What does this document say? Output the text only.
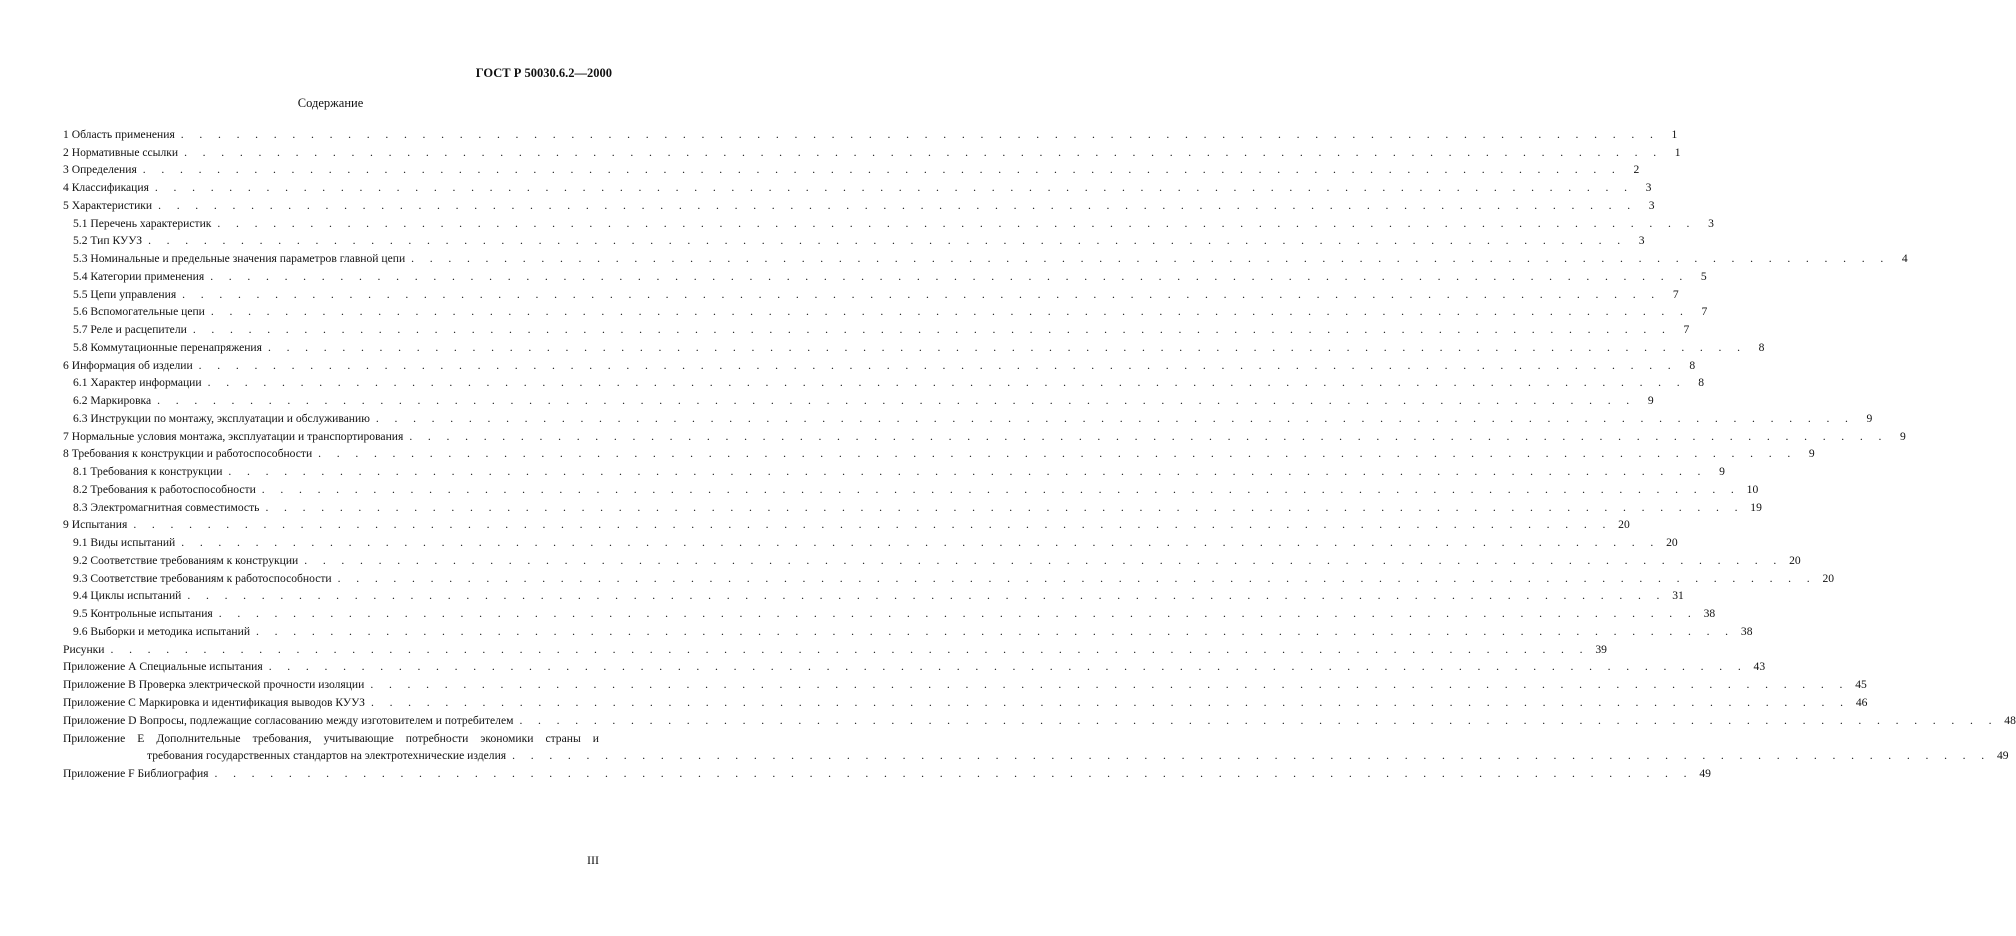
ГОСТ Р 50030.6.2—2000
Содержание
1 Область применения . . . . . . . . . . . . . . . . . . . . . . . . . . . . . . . . . . . . . . . . . . . . . . . . . . . . . . . . . . . . . . . . . . . . . . . . . . . . . . . .	1
2 Нормативные ссылки . . . . . . . . . . . . . . . . . . . . . . . . . . . . . . . . . . . . . . . . . . . . . . . . . . . . . . . . . . . . . . . . . . . . . . . . . . . . . . . .	1
3 Определения . . . . . . . . . . . . . . . . . . . . . . . . . . . . . . . . . . . . . . . . . . . . . . . . . . . . . . . . . . . . . . . . . . . . . . . . . . . . . . . .	2
4 Классификация . . . . . . . . . . . . . . . . . . . . . . . . . . . . . . . . . . . . . . . . . . . . . . . . . . . . . . . . . . . . . . . . . . . . . . . . . . . . . . . .	3
5 Характеристики . . . . . . . . . . . . . . . . . . . . . . . . . . . . . . . . . . . . . . . . . . . . . . . . . . . . . . . . . . . . . . . . . . . . . . . . . . . . . . . .	3
5.1 Перечень характеристик . . . . . . . . . . . . . . . . . . . . . . . . . . . . . . . . . . . . . . . . . . . . . . . . . . . . . . . . . . . . . . . . . . . . . . . . . . . . . . . .	3
5.2 Тип КУУЗ . . . . . . . . . . . . . . . . . . . . . . . . . . . . . . . . . . . . . . . . . . . . . . . . . . . . . . . . . . . . . . . . . . . . . . . . . . . . . . . .	3
5.3 Номинальные и предельные значения параметров главной цепи . . . . . . . . . . . . . . . . . . . . . . . . . . . . . . . . . . . . . . . . . . . . . . . . . . . . . . . . . . . . . . . . . . . . . . . . . . . . . . . .	4
5.4 Категории применения . . . . . . . . . . . . . . . . . . . . . . . . . . . . . . . . . . . . . . . . . . . . . . . . . . . . . . . . . . . . . . . . . . . . . . . . . . . . . . . .	5
5.5 Цепи управления . . . . . . . . . . . . . . . . . . . . . . . . . . . . . . . . . . . . . . . . . . . . . . . . . . . . . . . . . . . . . . . . . . . . . . . . . . . . . . . .	7
5.6 Вспомогательные цепи . . . . . . . . . . . . . . . . . . . . . . . . . . . . . . . . . . . . . . . . . . . . . . . . . . . . . . . . . . . . . . . . . . . . . . . . . . . . . . . .	7
5.7 Реле и расцепители . . . . . . . . . . . . . . . . . . . . . . . . . . . . . . . . . . . . . . . . . . . . . . . . . . . . . . . . . . . . . . . . . . . . . . . . . . . . . . . .	7
5.8 Коммутационные перенапряжения . . . . . . . . . . . . . . . . . . . . . . . . . . . . . . . . . . . . . . . . . . . . . . . . . . . . . . . . . . . . . . . . . . . . . . . . . . . . . . . .	8
6 Информация об изделии . . . . . . . . . . . . . . . . . . . . . . . . . . . . . . . . . . . . . . . . . . . . . . . . . . . . . . . . . . . . . . . . . . . . . . . . . . . . . . . .	8
6.1 Характер информации . . . . . . . . . . . . . . . . . . . . . . . . . . . . . . . . . . . . . . . . . . . . . . . . . . . . . . . . . . . . . . . . . . . . . . . . . . . . . . . .	8
6.2 Маркировка . . . . . . . . . . . . . . . . . . . . . . . . . . . . . . . . . . . . . . . . . . . . . . . . . . . . . . . . . . . . . . . . . . . . . . . . . . . . . . . .	9
6.3 Инструкции по монтажу, эксплуатации и обслуживанию . . . . . . . . . . . . . . . . . . . . . . . . . . . . . . . . . . . . . . . . . . . . . . . . . . . . . . . . . . . . . . . . . . . . . . . . . . . . . . . .	9
7 Нормальные условия монтажа, эксплуатации и транспортирования . . . . . . . . . . . . . . . . . . . . . . . . . . . . . . . . . . . . . . . . . . . . . . . . . . . . . . . . . . . . . . . . . . . . . . . . . . . . . . . .	9
8 Требования к конструкции и работоспособности . . . . . . . . . . . . . . . . . . . . . . . . . . . . . . . . . . . . . . . . . . . . . . . . . . . . . . . . . . . . . . . . . . . . . . . . . . . . . . . .	9
8.1 Требования к конструкции . . . . . . . . . . . . . . . . . . . . . . . . . . . . . . . . . . . . . . . . . . . . . . . . . . . . . . . . . . . . . . . . . . . . . . . . . . . . . . . .	9
8.2 Требования к работоспособности . . . . . . . . . . . . . . . . . . . . . . . . . . . . . . . . . . . . . . . . . . . . . . . . . . . . . . . . . . . . . . . . . . . . . . . . . . . . . . . . 10
8.3 Электромагнитная совместимость . . . . . . . . . . . . . . . . . . . . . . . . . . . . . . . . . . . . . . . . . . . . . . . . . . . . . . . . . . . . . . . . . . . . . . . . . . . . . . . . 19
9 Испытания . . . . . . . . . . . . . . . . . . . . . . . . . . . . . . . . . . . . . . . . . . . . . . . . . . . . . . . . . . . . . . . . . . . . . . . . . . . . . . . . 20
9.1 Виды испытаний . . . . . . . . . . . . . . . . . . . . . . . . . . . . . . . . . . . . . . . . . . . . . . . . . . . . . . . . . . . . . . . . . . . . . . . . . . . . . . . . 20
9.2 Соответствие требованиям к конструкции . . . . . . . . . . . . . . . . . . . . . . . . . . . . . . . . . . . . . . . . . . . . . . . . . . . . . . . . . . . . . . . . . . . . . . . . . . . . . . . . 20
9.3 Соответствие требованиям к работоспособности . . . . . . . . . . . . . . . . . . . . . . . . . . . . . . . . . . . . . . . . . . . . . . . . . . . . . . . . . . . . . . . . . . . . . . . . . . . . . . . . 20
9.4 Циклы испытаний . . . . . . . . . . . . . . . . . . . . . . . . . . . . . . . . . . . . . . . . . . . . . . . . . . . . . . . . . . . . . . . . . . . . . . . . . . . . . . . . 31
9.5 Контрольные испытания . . . . . . . . . . . . . . . . . . . . . . . . . . . . . . . . . . . . . . . . . . . . . . . . . . . . . . . . . . . . . . . . . . . . . . . . . . . . . . . . 38
9.6 Выборки и методика испытаний . . . . . . . . . . . . . . . . . . . . . . . . . . . . . . . . . . . . . . . . . . . . . . . . . . . . . . . . . . . . . . . . . . . . . . . . . . . . . . . . 38
Рисунки . . . . . . . . . . . . . . . . . . . . . . . . . . . . . . . . . . . . . . . . . . . . . . . . . . . . . . . . . . . . . . . . . . . . . . . . . . . . . . . . 39
Приложение А Специальные испытания . . . . . . . . . . . . . . . . . . . . . . . . . . . . . . . . . . . . . . . . . . . . . . . . . . . . . . . . . . . . . . . . . . . . . . . . . . . . . . . . 43
Приложение В Проверка электрической прочности изоляции . . . . . . . . . . . . . . . . . . . . . . . . . . . . . . . . . . . . . . . . . . . . . . . . . . . . . . . . . . . . . . . . . . . . . . . . . . . . . . . . 45
Приложение С Маркировка и идентификация выводов КУУЗ . . . . . . . . . . . . . . . . . . . . . . . . . . . . . . . . . . . . . . . . . . . . . . . . . . . . . . . . . . . . . . . . . . . . . . . . . . . . . . . . 46
Приложение D Вопросы, подлежащие согласованию между изготовителем и потребителем . . . . . . . . . . . . . . . . . . . . . . . . . . . . . . . . . . . . . . . . . . . . . . . . . . . . . . . . . . . . . . . . . . . . . . . . . . . . . . . . 48
Приложение Е Дополнительные требования, учитывающие потребности экономики страны и
требования государственных стандартов на электротехнические изделия . . . . . . . . . . . . . . . . . . . . . . . . . . . . . . . . . . . . . . . . . . . . . . . . . . . . . . . . . . . . . . . . . . . . . . . . . . . . . . . . 49
Приложение F Библиография . . . . . . . . . . . . . . . . . . . . . . . . . . . . . . . . . . . . . . . . . . . . . . . . . . . . . . . . . . . . . . . . . . . . . . . . . . . . . . . . 49
III
